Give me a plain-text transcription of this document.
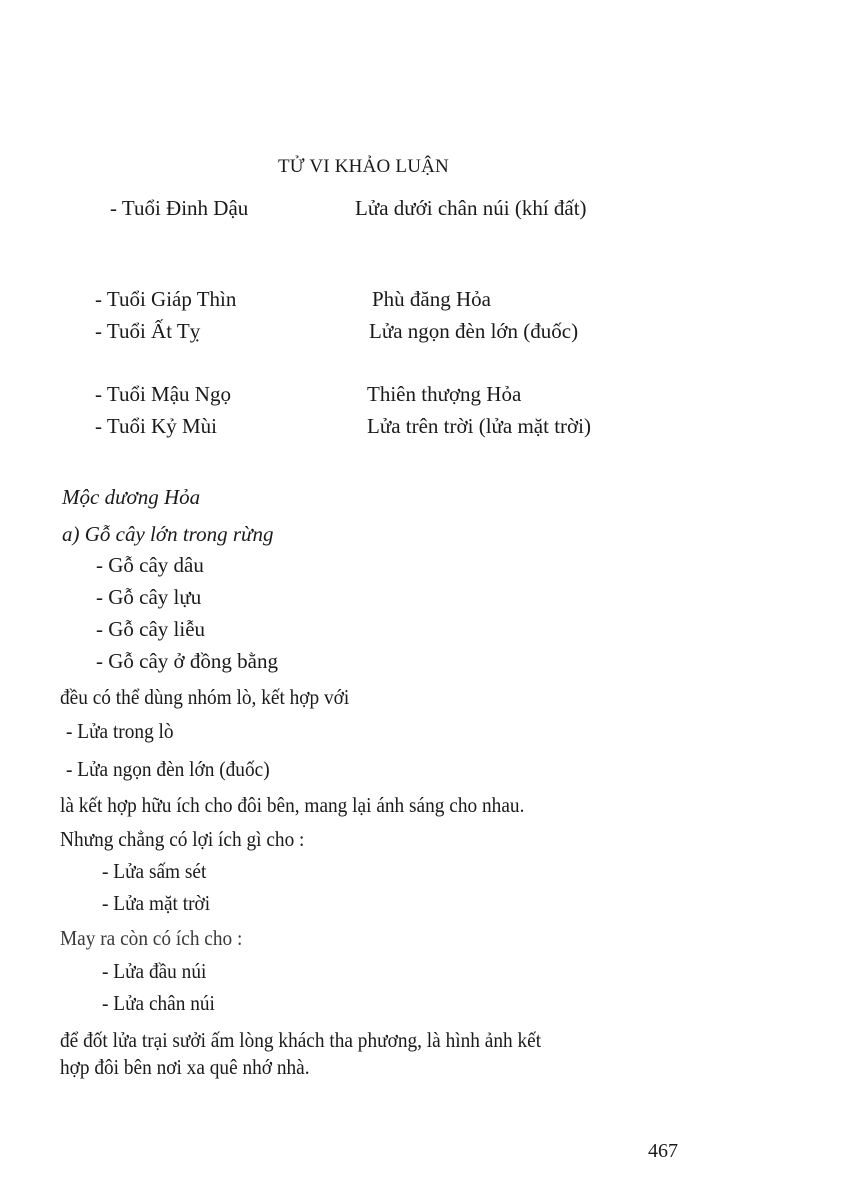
TỬ VI KHẢO LUẬN
- Tuổi Đinh Dậu	Lửa dưới chân núi (khí đất)
- Tuổi Giáp Thìn	Phù đăng Hỏa
- Tuổi Ất Tỵ	Lửa ngọn đèn lớn (đuốc)
- Tuổi Mậu Ngọ	Thiên thượng Hỏa
- Tuổi Kỷ Mùi	Lửa trên trời (lửa mặt trời)
Mộc dương Hỏa
a) Gỗ cây lớn trong rừng
- Gỗ cây dâu
- Gỗ cây lựu
- Gỗ cây liễu
- Gỗ cây ở đồng bằng
đều có thể dùng nhóm lò, kết hợp với
- Lửa trong lò
- Lửa ngọn đèn lớn (đuốc)
là kết hợp hữu ích cho đôi bên, mang lại ánh sáng cho nhau.
Nhưng chẳng có lợi ích gì cho :
- Lửa sấm sét
- Lửa mặt trời
May ra còn có ích cho :
- Lửa đầu núi
- Lửa chân núi
để đốt lửa trại sưởi ấm lòng khách tha phương, là hình ảnh kết
hợp đôi bên nơi xa quê nhớ nhà.
467
